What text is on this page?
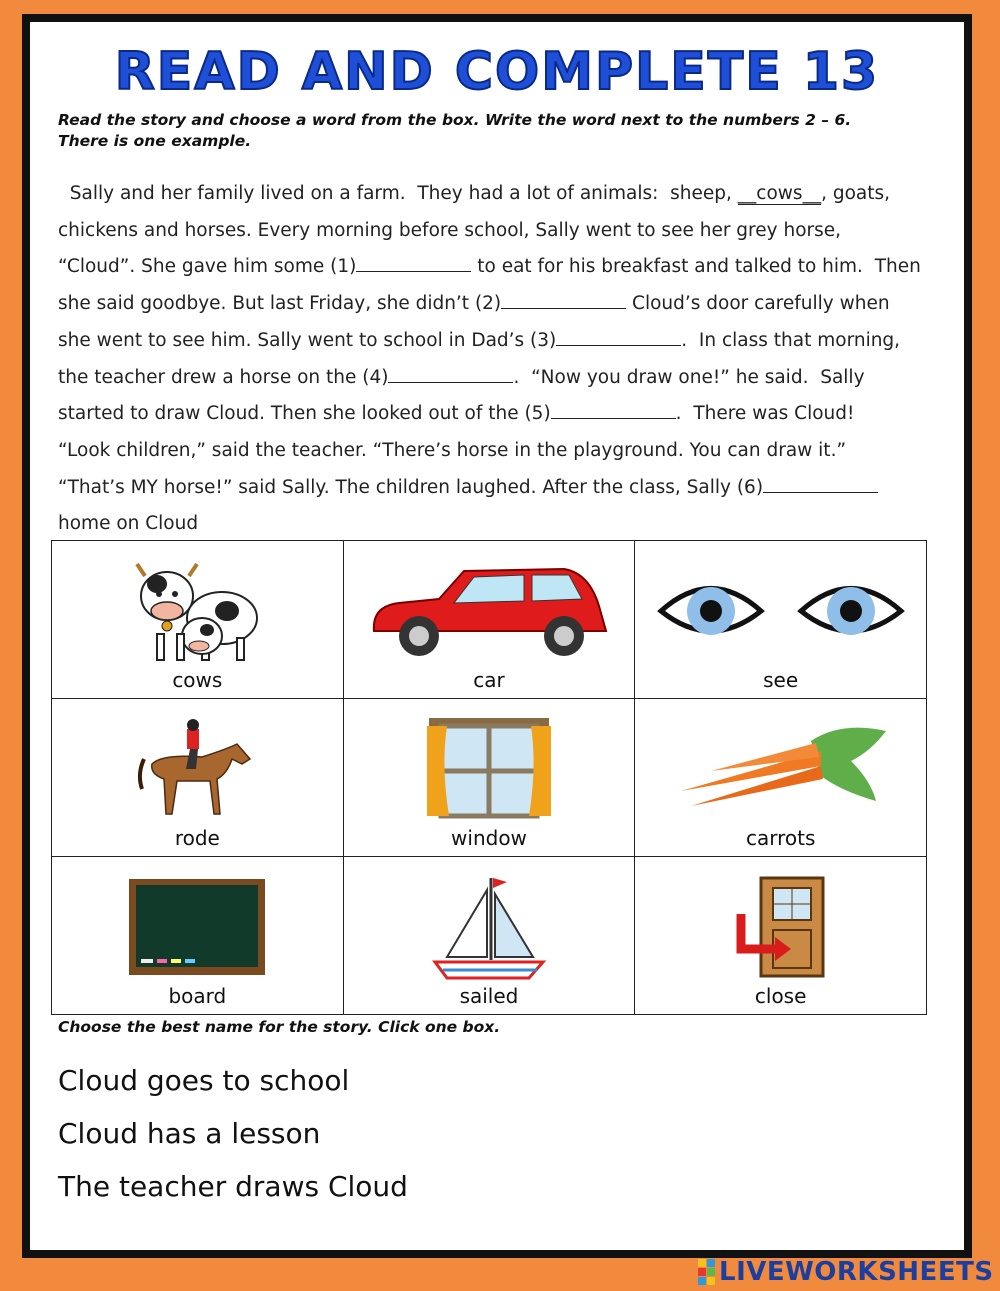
READ AND COMPLETE 13
Read the story and choose a word from the box. Write the word next to the numbers 2 – 6.
There is one example.
Sally and her family lived on a farm.  They had a lot of animals:  sheep, __cows__, goats,
chickens and horses. Every morning before school, Sally went to see her grey horse,
“Cloud”. She gave him some (1)	to eat for his breakfast and talked to him.  Then
she said goodbye. But last Friday, she didn’t (2)	Cloud’s door carefully when
she went to see him. Sally went to school in Dad’s (3)	.  In class that morning,
the teacher drew a horse on the (4)	.  “Now you draw one!” he said.  Sally
started to draw Cloud. Then she looked out of the (5)	.  There was Cloud!
“Look children,” said the teacher. “There’s horse in the playground. You can draw it.”
“That’s MY horse!” said Sally. The children laughed. After the class, Sally (6)
home on Cloud
cows	car	see

rode	window	carrots

board	sailed	close
Choose the best name for the story. Click one box.
Cloud goes to school
Cloud has a lesson
The teacher draws Cloud
LIVEWORKSHEETS
